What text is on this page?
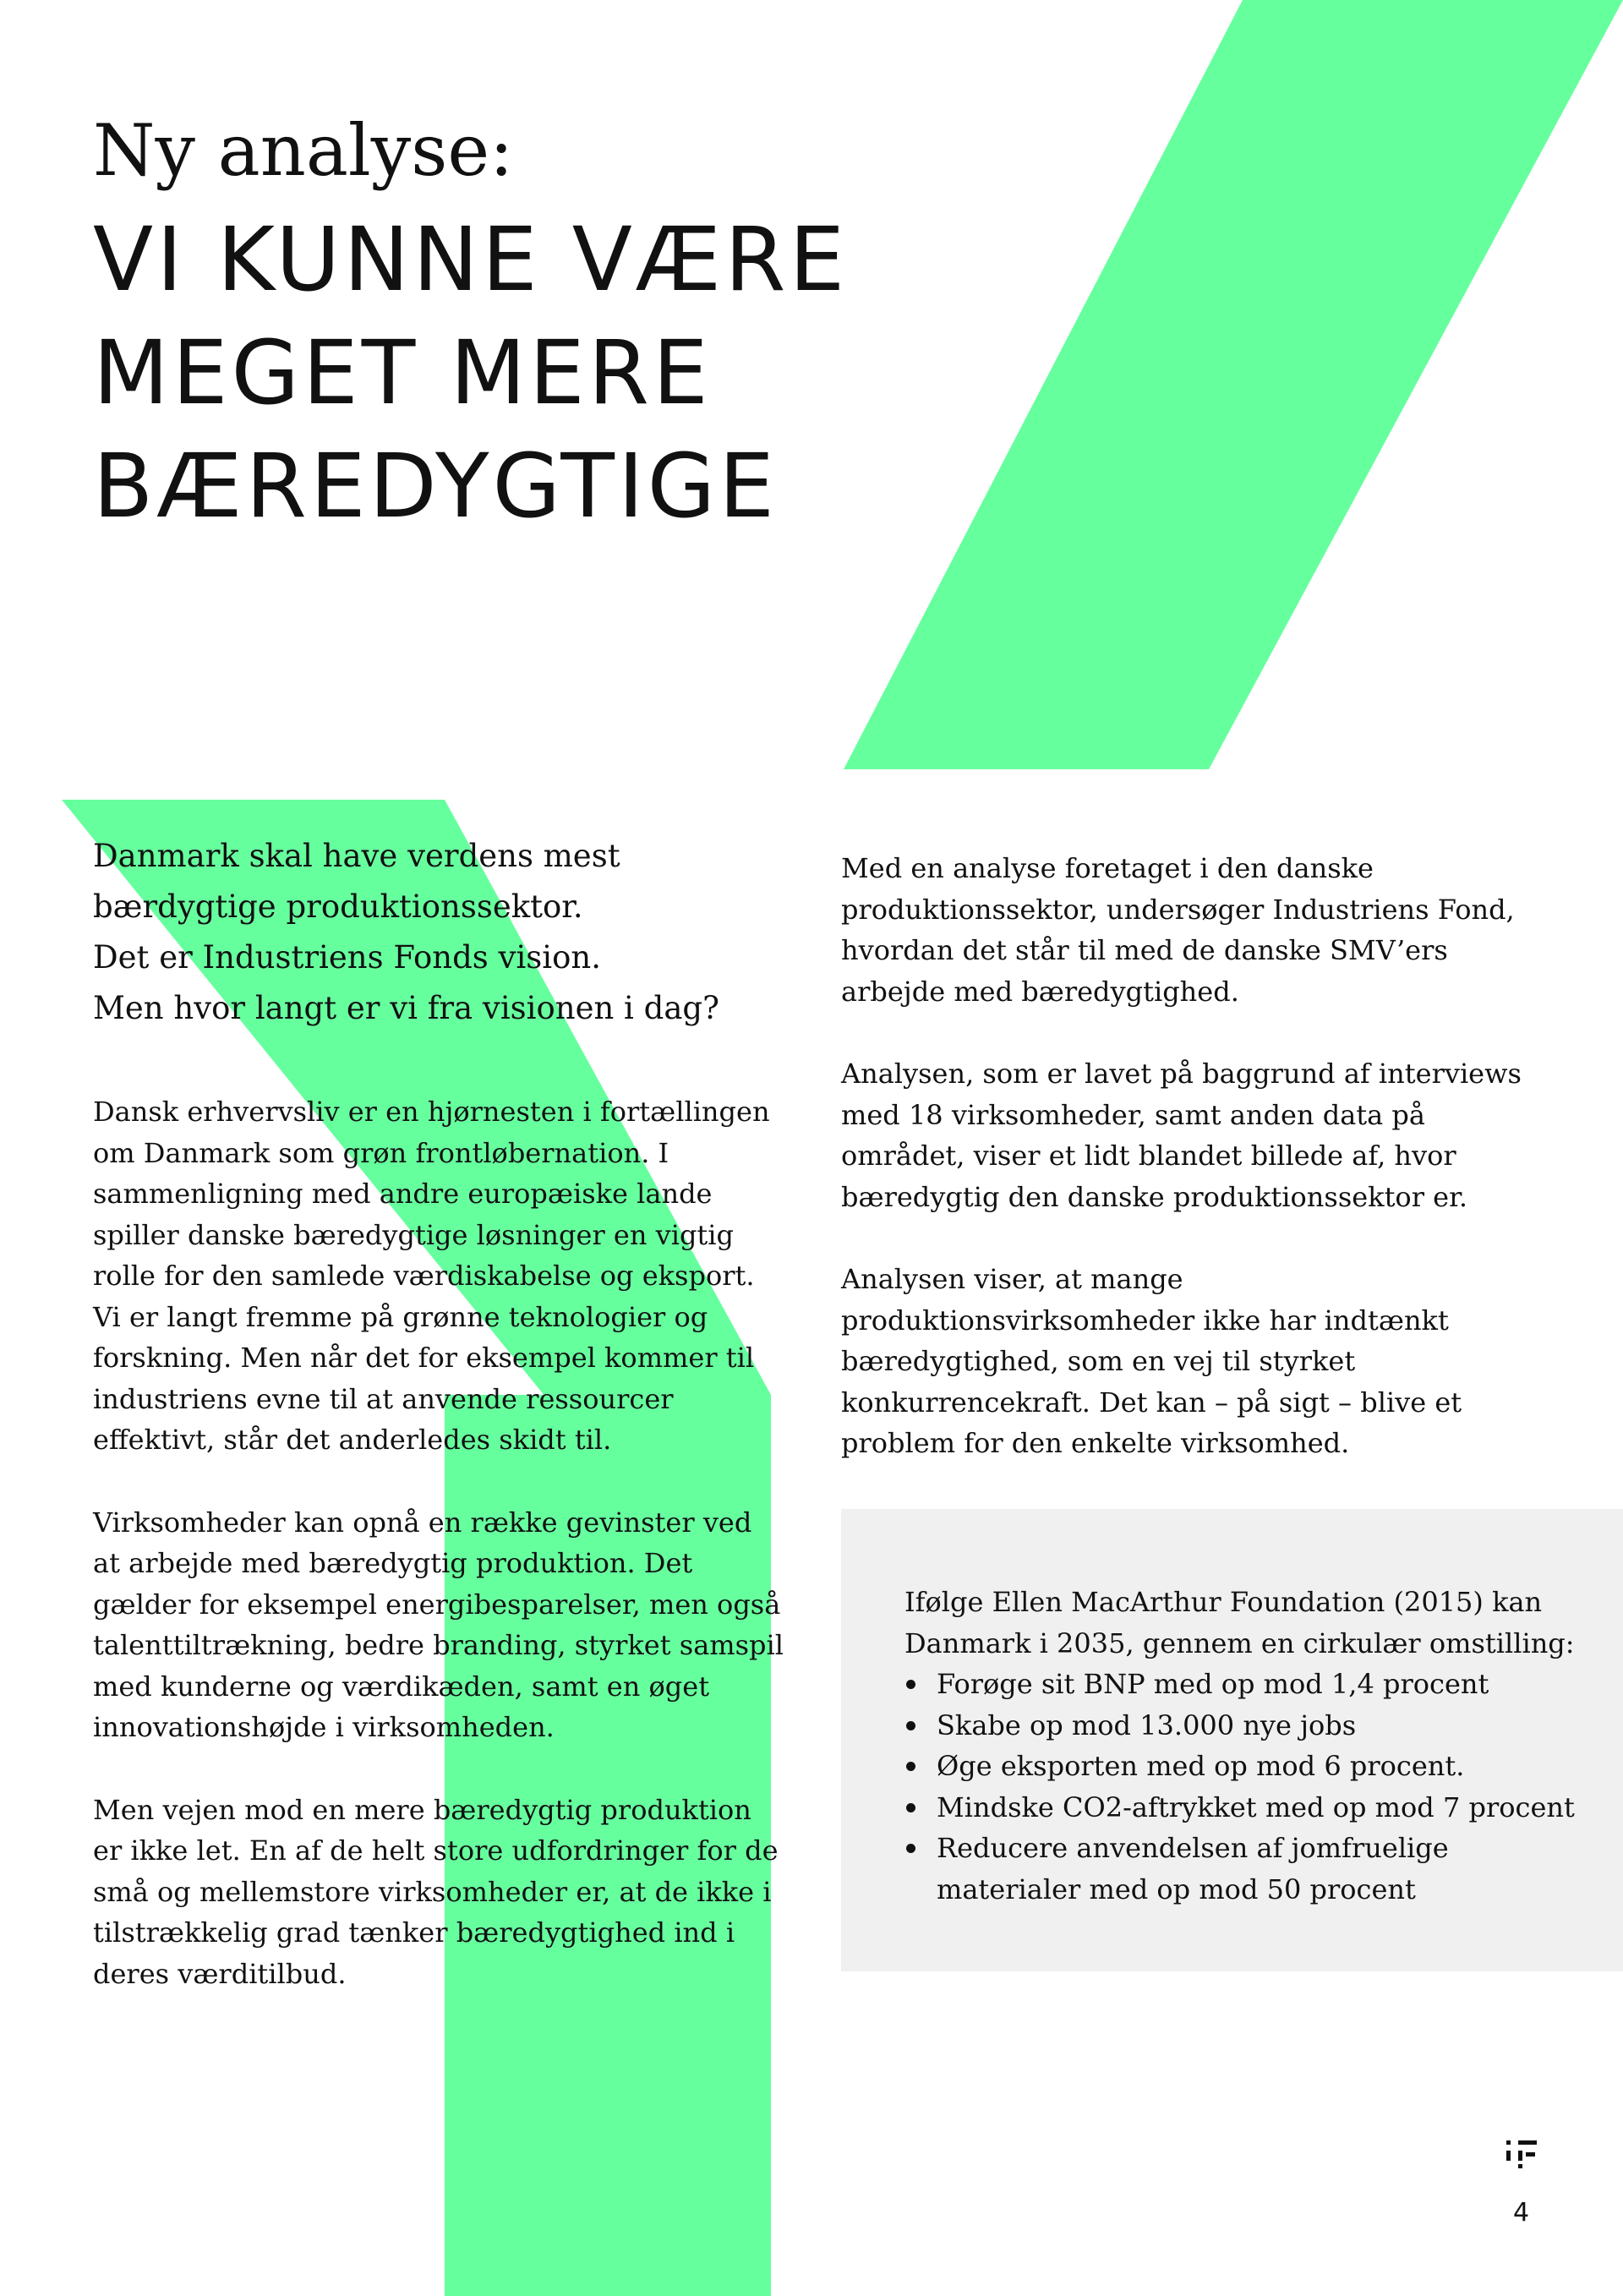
Ny analyse:
VI KUNNE VÆRE
MEGET MERE
BÆREDYGTIGE

Danmark skal have verdens mest
bærdygtige produktionssektor.
Det er Industriens Fonds vision.
Men hvor langt er vi fra visionen i dag?

Dansk erhvervsliv er en hjørnesten i fortællingen om Danmark som grøn frontløbernation. I sammenligning med andre europæiske lande spiller danske bæredygtige løsninger en vigtig rolle for den samlede værdiskabelse og eksport. Vi er langt fremme på grønne teknologier og forskning. Men når det for eksempel kommer til industriens evne til at anvende ressourcer effektivt, står det anderledes skidt til.

Virksomheder kan opnå en række gevinster ved at arbejde med bæredygtig produktion. Det gælder for eksempel energibesparelser, men også talenttiltrækning, bedre branding, styrket samspil med kunderne og værdikæden, samt en øget innovationshøjde i virksomheden.

Men vejen mod en mere bæredygtig produktion er ikke let. En af de helt store udfordringer for de små og mellemstore virksomheder er, at de ikke i tilstrækkelig grad tænker bæredygtighed ind i deres værditilbud.

Med en analyse foretaget i den danske produktionssektor, undersøger Industriens Fond, hvordan det står til med de danske SMV’ers arbejde med bæredygtighed.

Analysen, som er lavet på baggrund af interviews med 18 virksomheder, samt anden data på området, viser et lidt blandet billede af, hvor bæredygtig den danske produktionssektor er.

Analysen viser, at mange produktionsvirksomheder ikke har indtænkt bæredygtighed, som en vej til styrket konkurrencekraft. Det kan – på sigt – blive et problem for den enkelte virksomhed.

Ifølge Ellen MacArthur Foundation (2015) kan Danmark i 2035, gennem en cirkulær omstilling:

Forøge sit BNP med op mod 1,4 procent
Skabe op mod 13.000 nye jobs
Øge eksporten med op mod 6 procent.
Mindske CO2-aftrykket med op mod 7 procent
Reducere anvendelsen af jomfruelige materialer med op mod 50 procent
4
